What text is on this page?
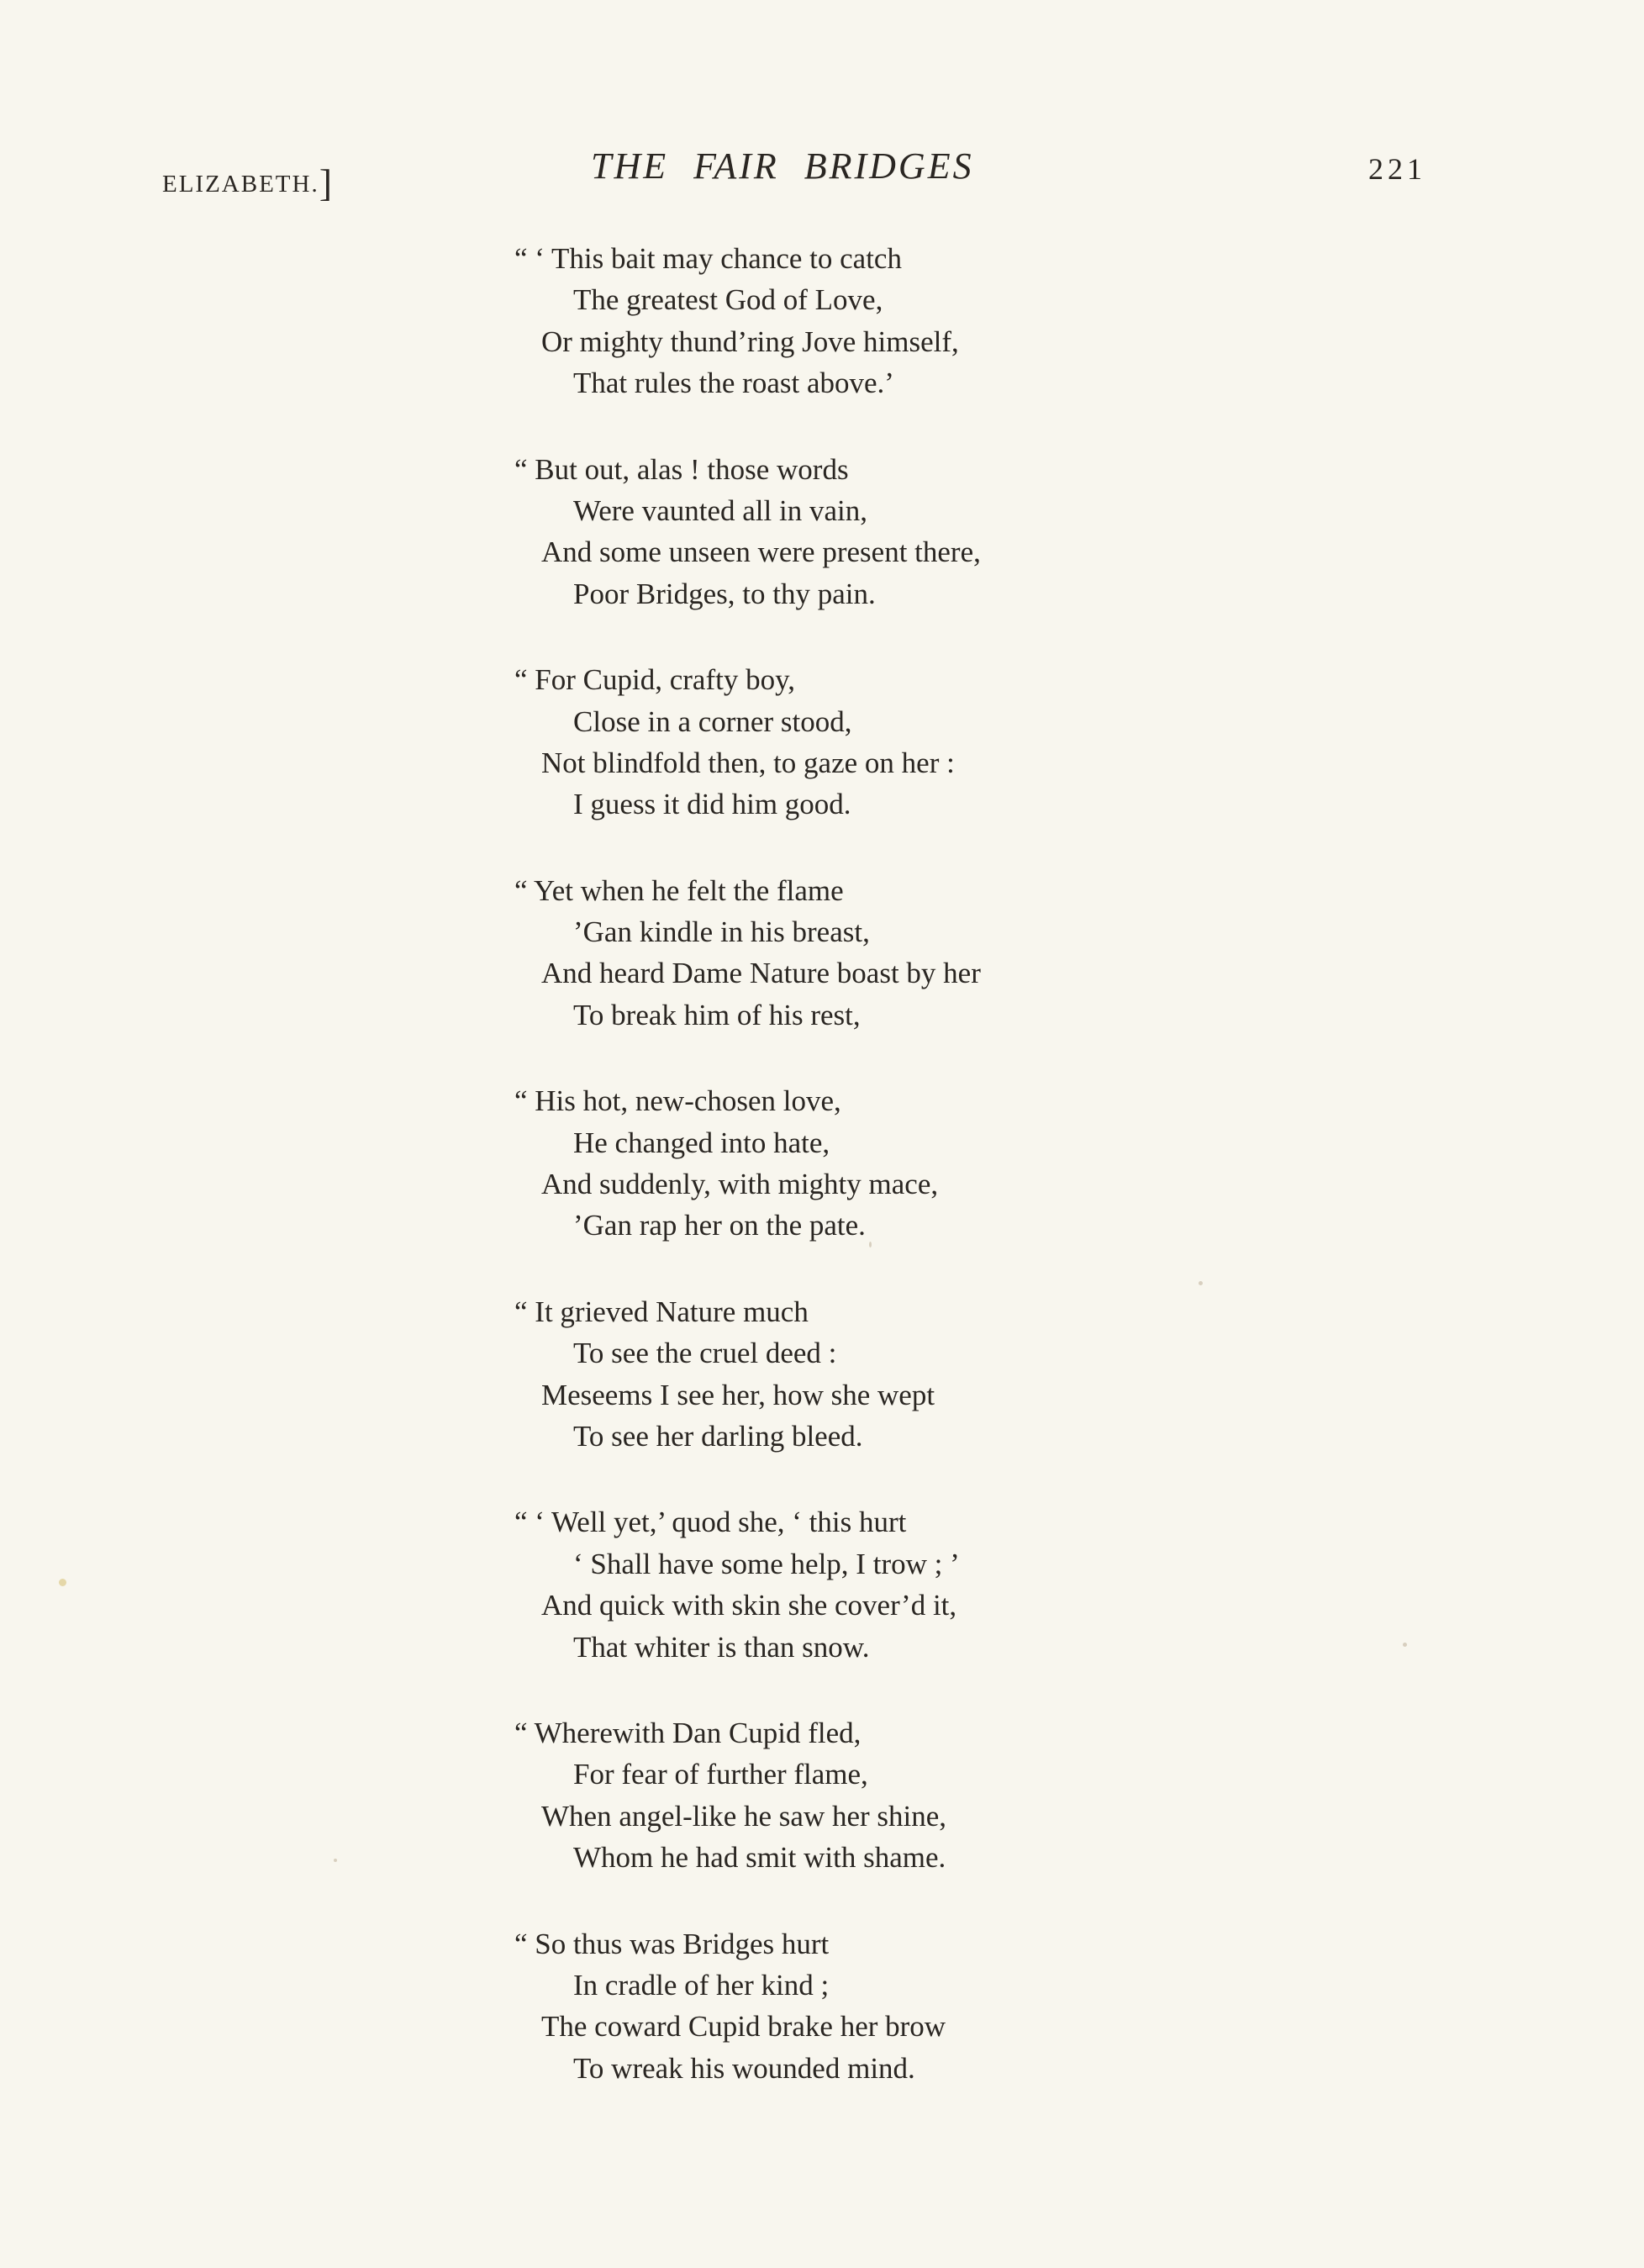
ELIZABETH.]	THE FAIR BRIDGES	221
“ ‘ This bait may chance to catch
The greatest God of Love,
Or mighty thund’ring Jove himself,
That rules the roast above.’
“ But out, alas ! those words
Were vaunted all in vain,
And some unseen were present there,
Poor Bridges, to thy pain.
“ For Cupid, crafty boy,
Close in a corner stood,
Not blindfold then, to gaze on her :
I guess it did him good.
“ Yet when he felt the flame
’Gan kindle in his breast,
And heard Dame Nature boast by her
To break him of his rest,
“ His hot, new-chosen love,
He changed into hate,
And suddenly, with mighty mace,
’Gan rap her on the pate.
“ It grieved Nature much
To see the cruel deed :
Meseems I see her, how she wept
To see her darling bleed.
“ ‘ Well yet,’ quod she, ‘ this hurt
‘ Shall have some help, I trow ; ’
And quick with skin she cover’d it,
That whiter is than snow.
“ Wherewith Dan Cupid fled,
For fear of further flame,
When angel-like he saw her shine,
Whom he had smit with shame.
“ So thus was Bridges hurt
In cradle of her kind ;
The coward Cupid brake her brow
To wreak his wounded mind.
